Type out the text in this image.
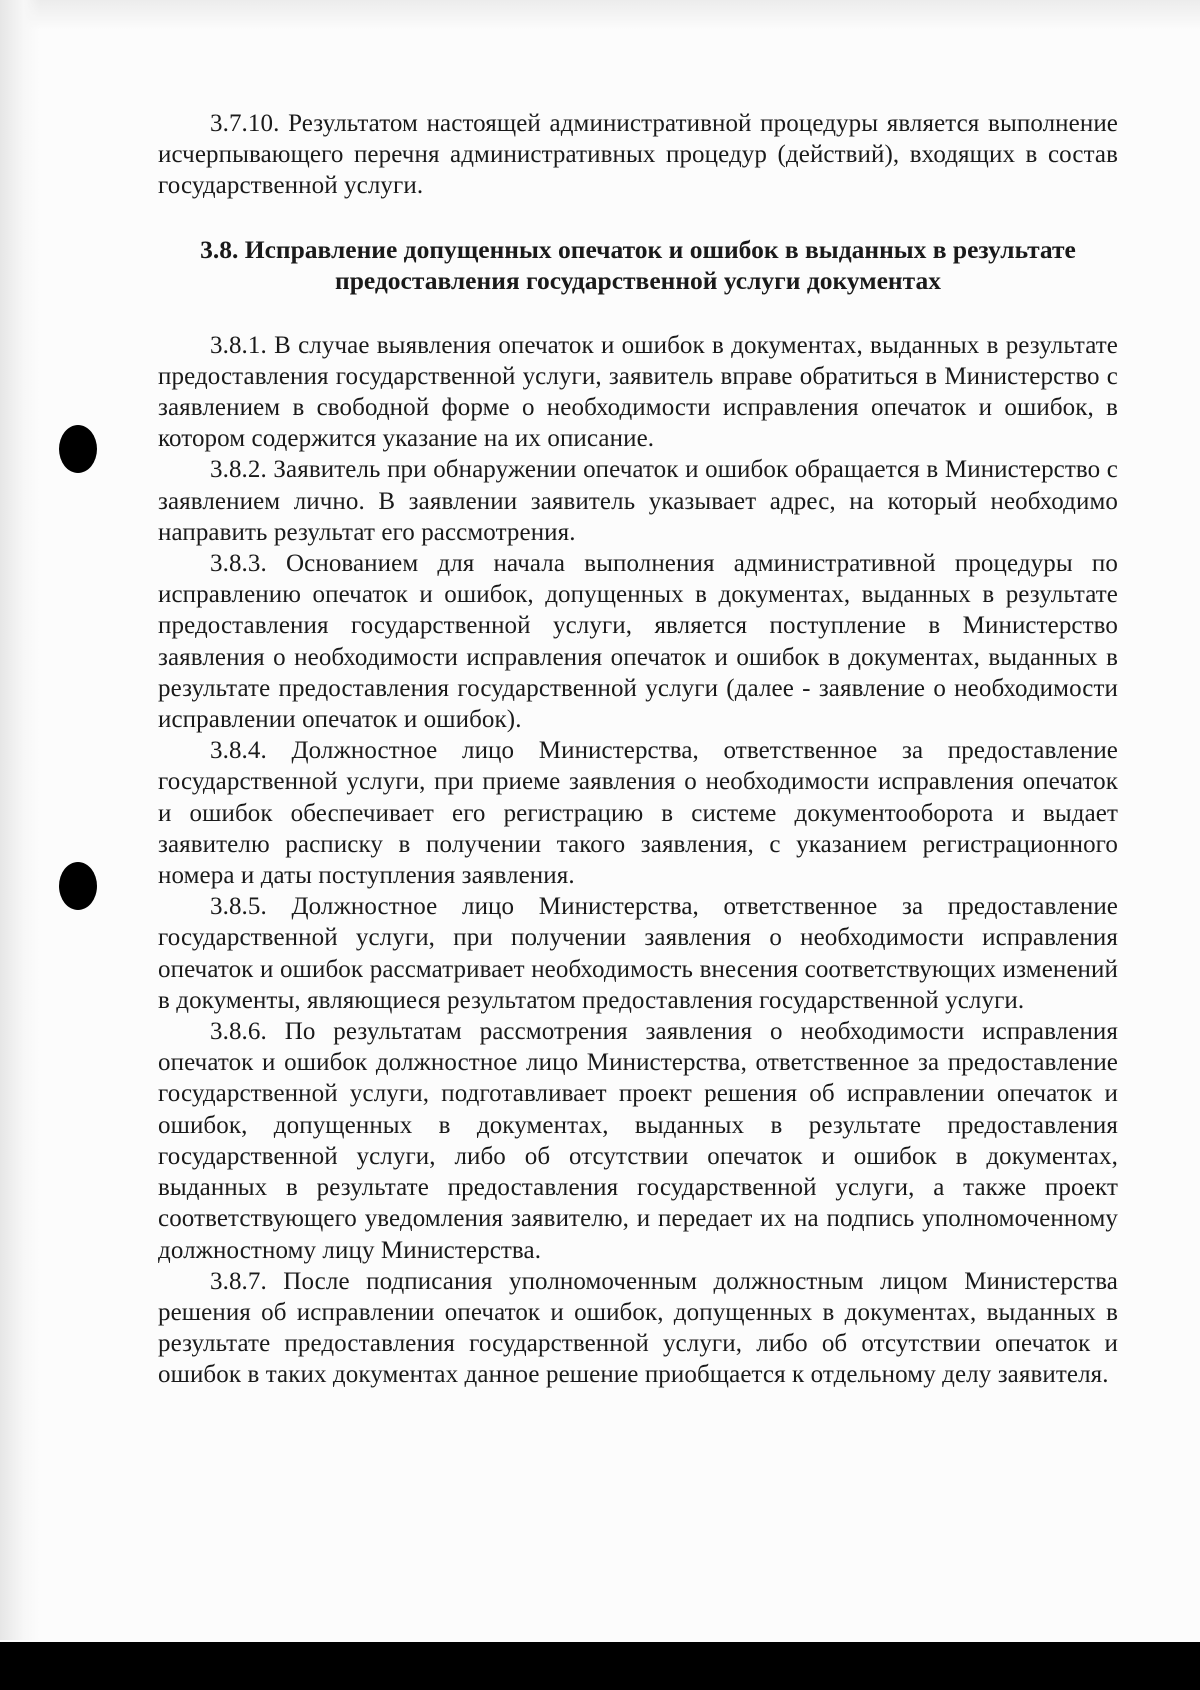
3.7.10. Результатом настоящей административной процедуры является выполнение исчерпывающего перечня административных процедур (действий), входящих в состав государственной услуги.

3.8. Исправление допущенных опечаток и ошибок в выданных в результате предоставления государственной услуги документах

3.8.1. В случае выявления опечаток и ошибок в документах, выданных в результате предоставления государственной услуги, заявитель вправе обратиться в Министерство с заявлением в свободной форме о необходимости исправления опечаток и ошибок, в котором содержится указание на их описание.

3.8.2. Заявитель при обнаружении опечаток и ошибок обращается в Министерство с заявлением лично. В заявлении заявитель указывает адрес, на который необходимо направить результат его рассмотрения.

3.8.3. Основанием для начала выполнения административной процедуры по исправлению опечаток и ошибок, допущенных в документах, выданных в результате предоставления государственной услуги, является поступление в Министерство заявления о необходимости исправления опечаток и ошибок в документах, выданных в результате предоставления государственной услуги (далее - заявление о необходимости исправлении опечаток и ошибок).

3.8.4. Должностное лицо Министерства, ответственное за предоставление государственной услуги, при приеме заявления о необходимости исправления опечаток и ошибок обеспечивает его регистрацию в системе документооборота и выдает заявителю расписку в получении такого заявления, с указанием регистрационного номера и даты поступления заявления.

3.8.5. Должностное лицо Министерства, ответственное за предоставление государственной услуги, при получении заявления о необходимости исправления опечаток и ошибок рассматривает необходимость внесения соответствующих изменений в документы, являющиеся результатом предоставления государственной услуги.

3.8.6. По результатам рассмотрения заявления о необходимости исправления опечаток и ошибок должностное лицо Министерства, ответственное за предоставление государственной услуги, подготавливает проект решения об исправлении опечаток и ошибок, допущенных в документах, выданных в результате предоставления государственной услуги, либо об отсутствии опечаток и ошибок в документах, выданных в результате предоставления государственной услуги, а также проект соответствующего уведомления заявителю, и передает их на подпись уполномоченному должностному лицу Министерства.

3.8.7. После подписания уполномоченным должностным лицом Министерства решения об исправлении опечаток и ошибок, допущенных в документах, выданных в результате предоставления государственной услуги, либо об отсутствии опечаток и ошибок в таких документах данное решение приобщается к отдельному делу заявителя.
